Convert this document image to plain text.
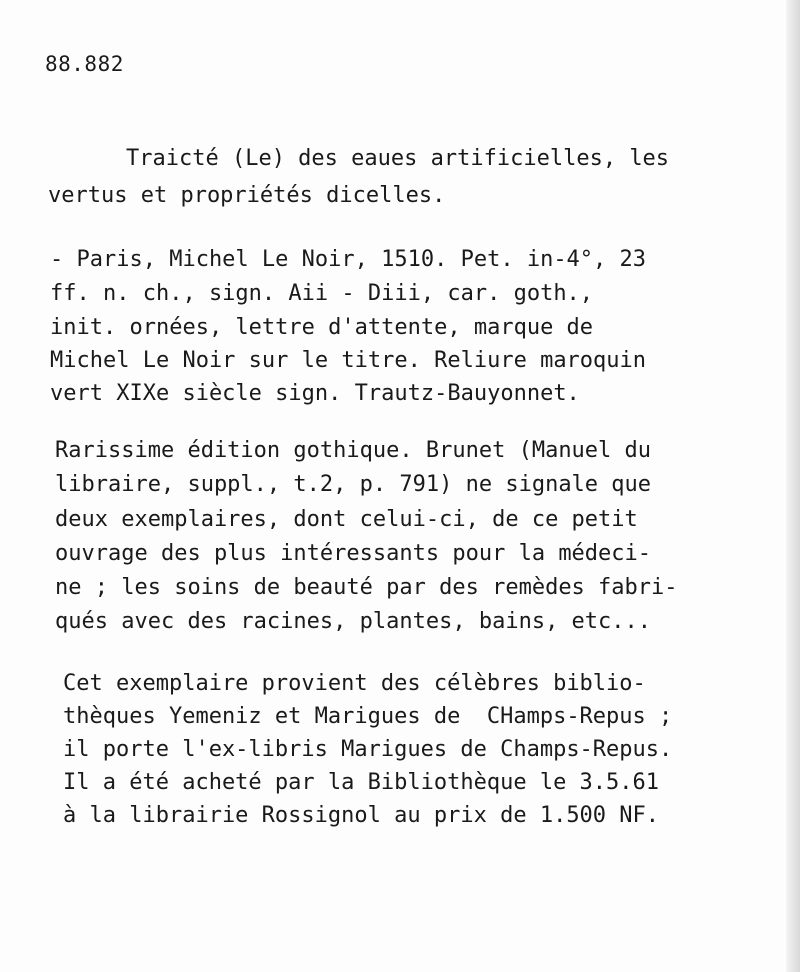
88.882

Traicté (Le) des eaues artificielles, les

vertus et propriétés dicelles.

- Paris, Michel Le Noir, 1510. Pet. in-4°, 23

ff. n. ch., sign. Aii - Diii, car. goth.,

init. ornées, lettre d'attente, marque de

Michel Le Noir sur le titre. Reliure maroquin

vert XIXe siècle sign. Trautz-Bauyonnet.

Rarissime édition gothique. Brunet (Manuel du

libraire, suppl., t.2, p. 791) ne signale que

deux exemplaires, dont celui-ci, de ce petit

ouvrage des plus intéressants pour la médeci-

ne ; les soins de beauté par des remèdes fabri-

qués avec des racines, plantes, bains, etc...

Cet exemplaire provient des célèbres biblio-

thèques Yemeniz et Marigues de  CHamps-Repus ;

il porte l'ex-libris Marigues de Champs-Repus.

Il a été acheté par la Bibliothèque le 3.5.61

à la librairie Rossignol au prix de 1.500 NF.
